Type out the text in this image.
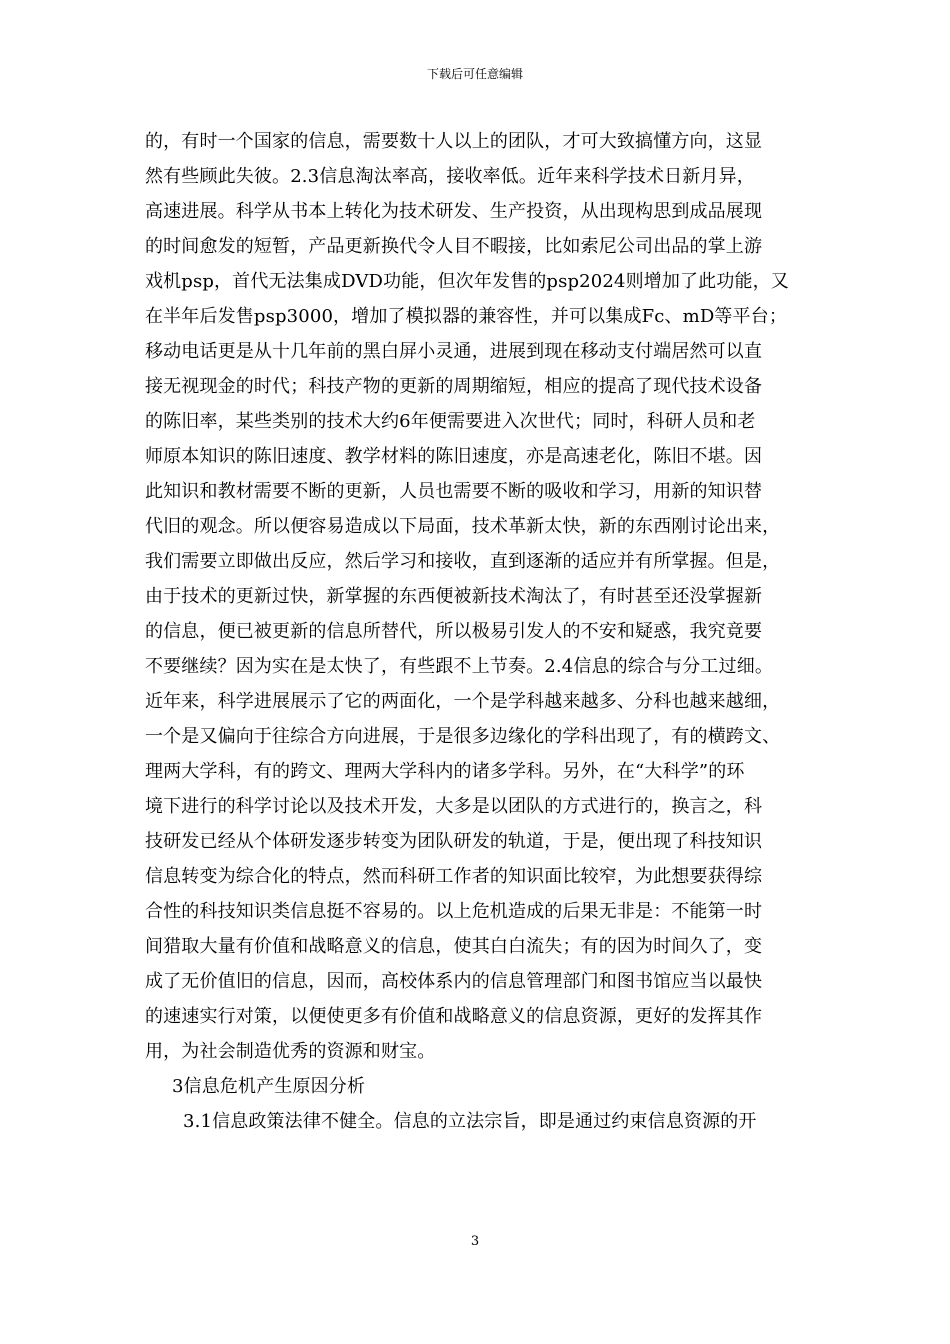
下载后可任意编辑
的，有时一个国家的信息，需要数十人以上的团队，才可大致搞懂方向，这显
然有些顾此失彼。2.3信息淘汰率高，接收率低。近年来科学技术日新月异，
高速进展。科学从书本上转化为技术研发、生产投资，从出现构思到成品展现
的时间愈发的短暂，产品更新换代令人目不暇接，比如索尼公司出品的掌上游
戏机psp，首代无法集成DVD功能，但次年发售的psp2024则增加了此功能，又
在半年后发售psp3000，增加了模拟器的兼容性，并可以集成Fc、mD等平台；
移动电话更是从十几年前的黑白屏小灵通，进展到现在移动支付端居然可以直
接无视现金的时代；科技产物的更新的周期缩短，相应的提高了现代技术设备
的陈旧率，某些类别的技术大约6年便需要进入次世代；同时，科研人员和老
师原本知识的陈旧速度、教学材料的陈旧速度，亦是高速老化，陈旧不堪。因
此知识和教材需要不断的更新，人员也需要不断的吸收和学习，用新的知识替
代旧的观念。所以便容易造成以下局面，技术革新太快，新的东西刚讨论出来，
我们需要立即做出反应，然后学习和接收，直到逐渐的适应并有所掌握。但是，
由于技术的更新过快，新掌握的东西便被新技术淘汰了，有时甚至还没掌握新
的信息，便已被更新的信息所替代，所以极易引发人的不安和疑惑，我究竟要
不要继续？因为实在是太快了，有些跟不上节奏。2.4信息的综合与分工过细。
近年来，科学进展展示了它的两面化，一个是学科越来越多、分科也越来越细，
一个是又偏向于往综合方向进展，于是很多边缘化的学科出现了，有的横跨文、
理两大学科，有的跨文、理两大学科内的诸多学科。另外，在“大科学”的环
境下进行的科学讨论以及技术开发，大多是以团队的方式进行的，换言之，科
技研发已经从个体研发逐步转变为团队研发的轨道，于是，便出现了科技知识
信息转变为综合化的特点，然而科研工作者的知识面比较窄，为此想要获得综
合性的科技知识类信息挺不容易的。以上危机造成的后果无非是：不能第一时
间猎取大量有价值和战略意义的信息，使其白白流失；有的因为时间久了，变
成了无价值旧的信息，因而，高校体系内的信息管理部门和图书馆应当以最快
的速速实行对策，以便使更多有价值和战略意义的信息资源，更好的发挥其作
用，为社会制造优秀的资源和财宝。
3信息危机产生原因分析
3.1信息政策法律不健全。信息的立法宗旨，即是通过约束信息资源的开
3
